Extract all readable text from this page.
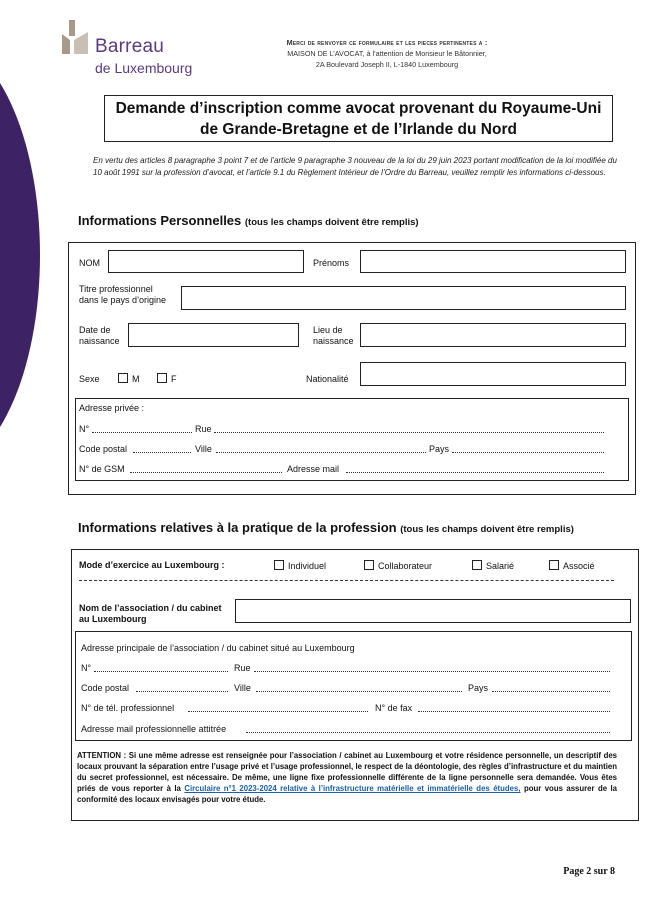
Barreau
de Luxembourg
Merci de renvoyer ce formulaire et les pieces pertinentes a :
MAISON DE L’AVOCAT, à l’attention de Monsieur le Bâtonnier,
2A Boulevard Joseph II, L-1840 Luxembourg
Demande d’inscription comme avocat provenant du Royaume-Uni
de Grande-Bretagne et de l’Irlande du Nord
En vertu des articles 8 paragraphe 3 point 7 et de l’article 9 paragraphe 3 nouveau de la loi du 29 juin 2023 portant modification de la loi modifiée du 10 août 1991 sur la profession d’avocat, et l’article 9.1 du Règlement Intérieur de l’Ordre du Barreau, veuillez remplir les informations ci-dessous.
Informations Personnelles (tous les champs doivent être remplis)
NOM	Prénoms
Titre professionnel
dans le pays d’origine
Date de
naissance
Lieu de
naissance
Sexe	M	F	Nationalité
Adresse privée :
N°	Rue
Code postal	Ville	Pays
N° de GSM	Adresse mail
Informations relatives à la pratique de la profession (tous les champs doivent être remplis)
Mode d’exercice au Luxembourg :	Individuel	Collaborateur	Salarié	Associé
Nom de l’association / du cabinet
au Luxembourg
Adresse principale de l’association / du cabinet situé au Luxembourg
N°	Rue
Code postal	Ville	Pays
N° de tél. professionnel	N° de fax
Adresse mail professionnelle attitrée
ATTENTION : Si une même adresse est renseignée pour l’association / cabinet au Luxembourg et votre résidence personnelle, un descriptif des locaux prouvant la séparation entre l’usage privé et l’usage professionnel, le respect de la déontologie, des règles d’infrastructure et du maintien du secret professionnel, est nécessaire. De même, une ligne fixe professionnelle différente de la ligne personnelle sera demandée. Vous êtes priés de vous reporter à la Circulaire n°1 2023-2024 relative à l’infrastructure matérielle et immatérielle des études, pour vous assurer de la conformité des locaux envisagés pour votre étude.
Page 2 sur 8
